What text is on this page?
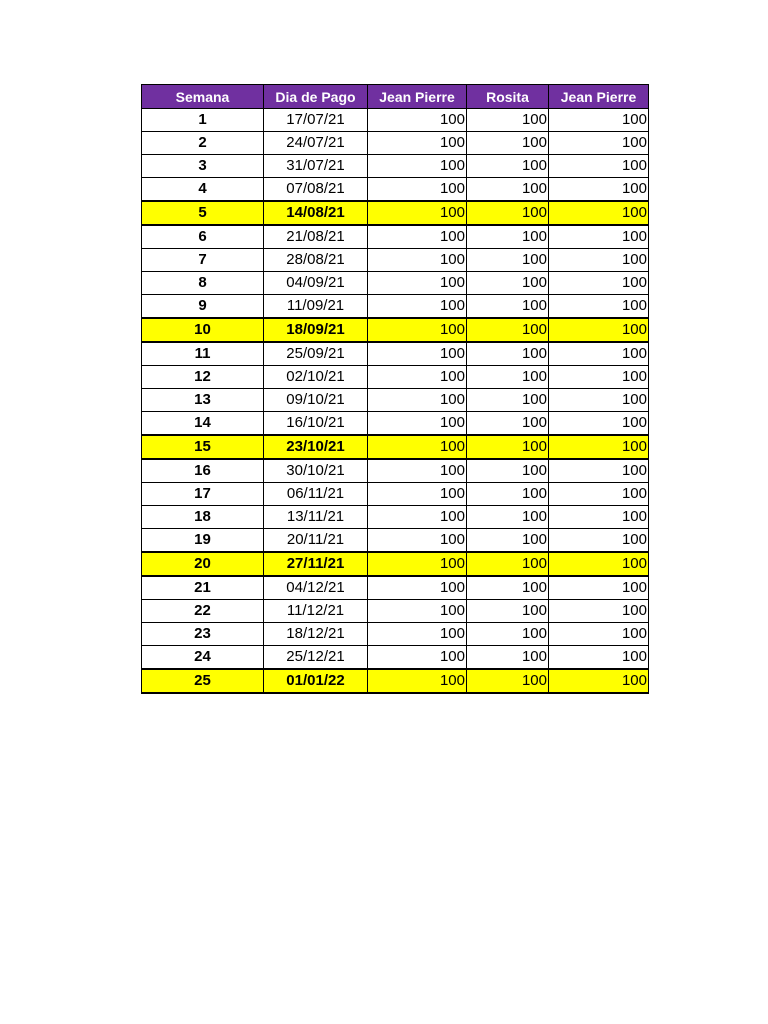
Semana	Dia de Pago	Jean Pierre	Rosita	Jean Pierre
1	17/07/21	100	100	100
2	24/07/21	100	100	100
3	31/07/21	100	100	100
4	07/08/21	100	100	100
5	14/08/21	100	100	100
6	21/08/21	100	100	100
7	28/08/21	100	100	100
8	04/09/21	100	100	100
9	11/09/21	100	100	100
10	18/09/21	100	100	100
11	25/09/21	100	100	100
12	02/10/21	100	100	100
13	09/10/21	100	100	100
14	16/10/21	100	100	100
15	23/10/21	100	100	100
16	30/10/21	100	100	100
17	06/11/21	100	100	100
18	13/11/21	100	100	100
19	20/11/21	100	100	100
20	27/11/21	100	100	100
21	04/12/21	100	100	100
22	11/12/21	100	100	100
23	18/12/21	100	100	100
24	25/12/21	100	100	100
25	01/01/22	100	100	100
